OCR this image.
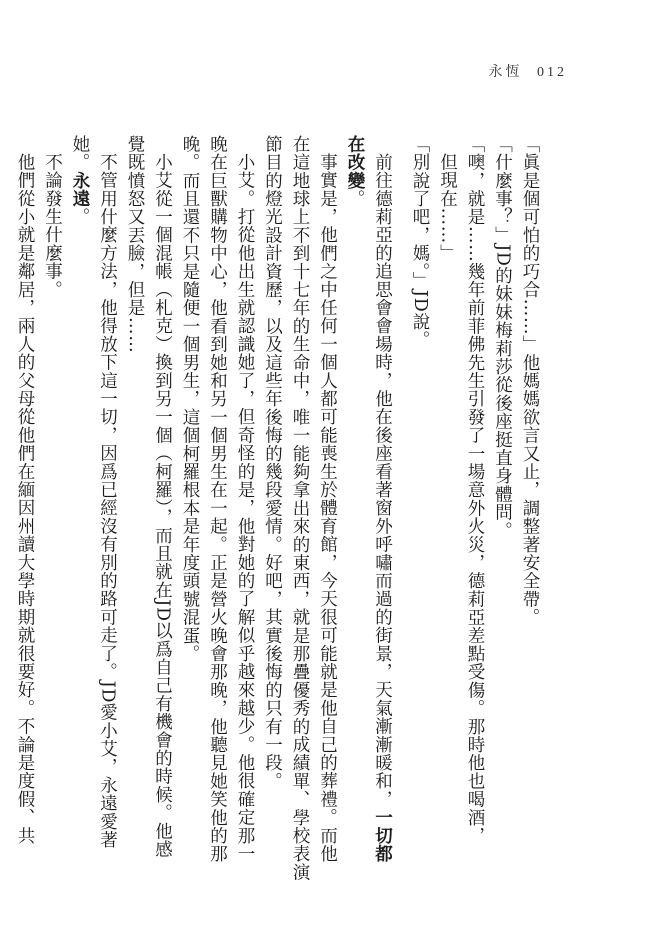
永恆 012

「眞是個可怕的巧合……」他媽媽欲言又止，調整著安全帶。

「什麼事？」JD的妹妹梅莉莎從後座挺直身體問。

「噢，就是……幾年前菲佛先生引發了一場意外火災，德莉亞差點受傷。那時他也喝酒，

但現在……」

「別說了吧，媽。」JD說。

前往德莉亞的追思會會場時，他在後座看著窗外呼嘯而過的街景，天氣漸漸暖和，一切都

在改變。

事實是，他們之中任何一個人都可能喪生於體育館，今天很可能就是他自己的葬禮。而他

在這地球上不到十七年的生命中，唯一能夠拿出來的東西，就是那疊優秀的成績單、學校表演

節目的燈光設計資歷，以及這些年後悔的幾段愛情。好吧，其實後悔的只有一段。

小艾。打從他出生就認識她了，但奇怪的是，他對她的了解似乎越來越少。他很確定那一

晚在巨獸購物中心，他看到她和另一個男生在一起。正是營火晚會那晚，他聽見她笑他的那

晚。而且還不只是隨便一個男生，這個柯羅根本是年度頭號混蛋。

小艾從一個混帳（札克）換到另一個（柯羅），而且就在JD以爲自己有機會的時候。他感

覺既憤怒又丟臉，但是……

不管用什麼方法，他得放下這一切，因爲已經沒有別的路可走了。JD愛小艾，永遠愛著

她。永遠。

不論發生什麼事。

他們從小就是鄰居，兩人的父母從他們在緬因州讀大學時期就很要好。不論是度假、共
